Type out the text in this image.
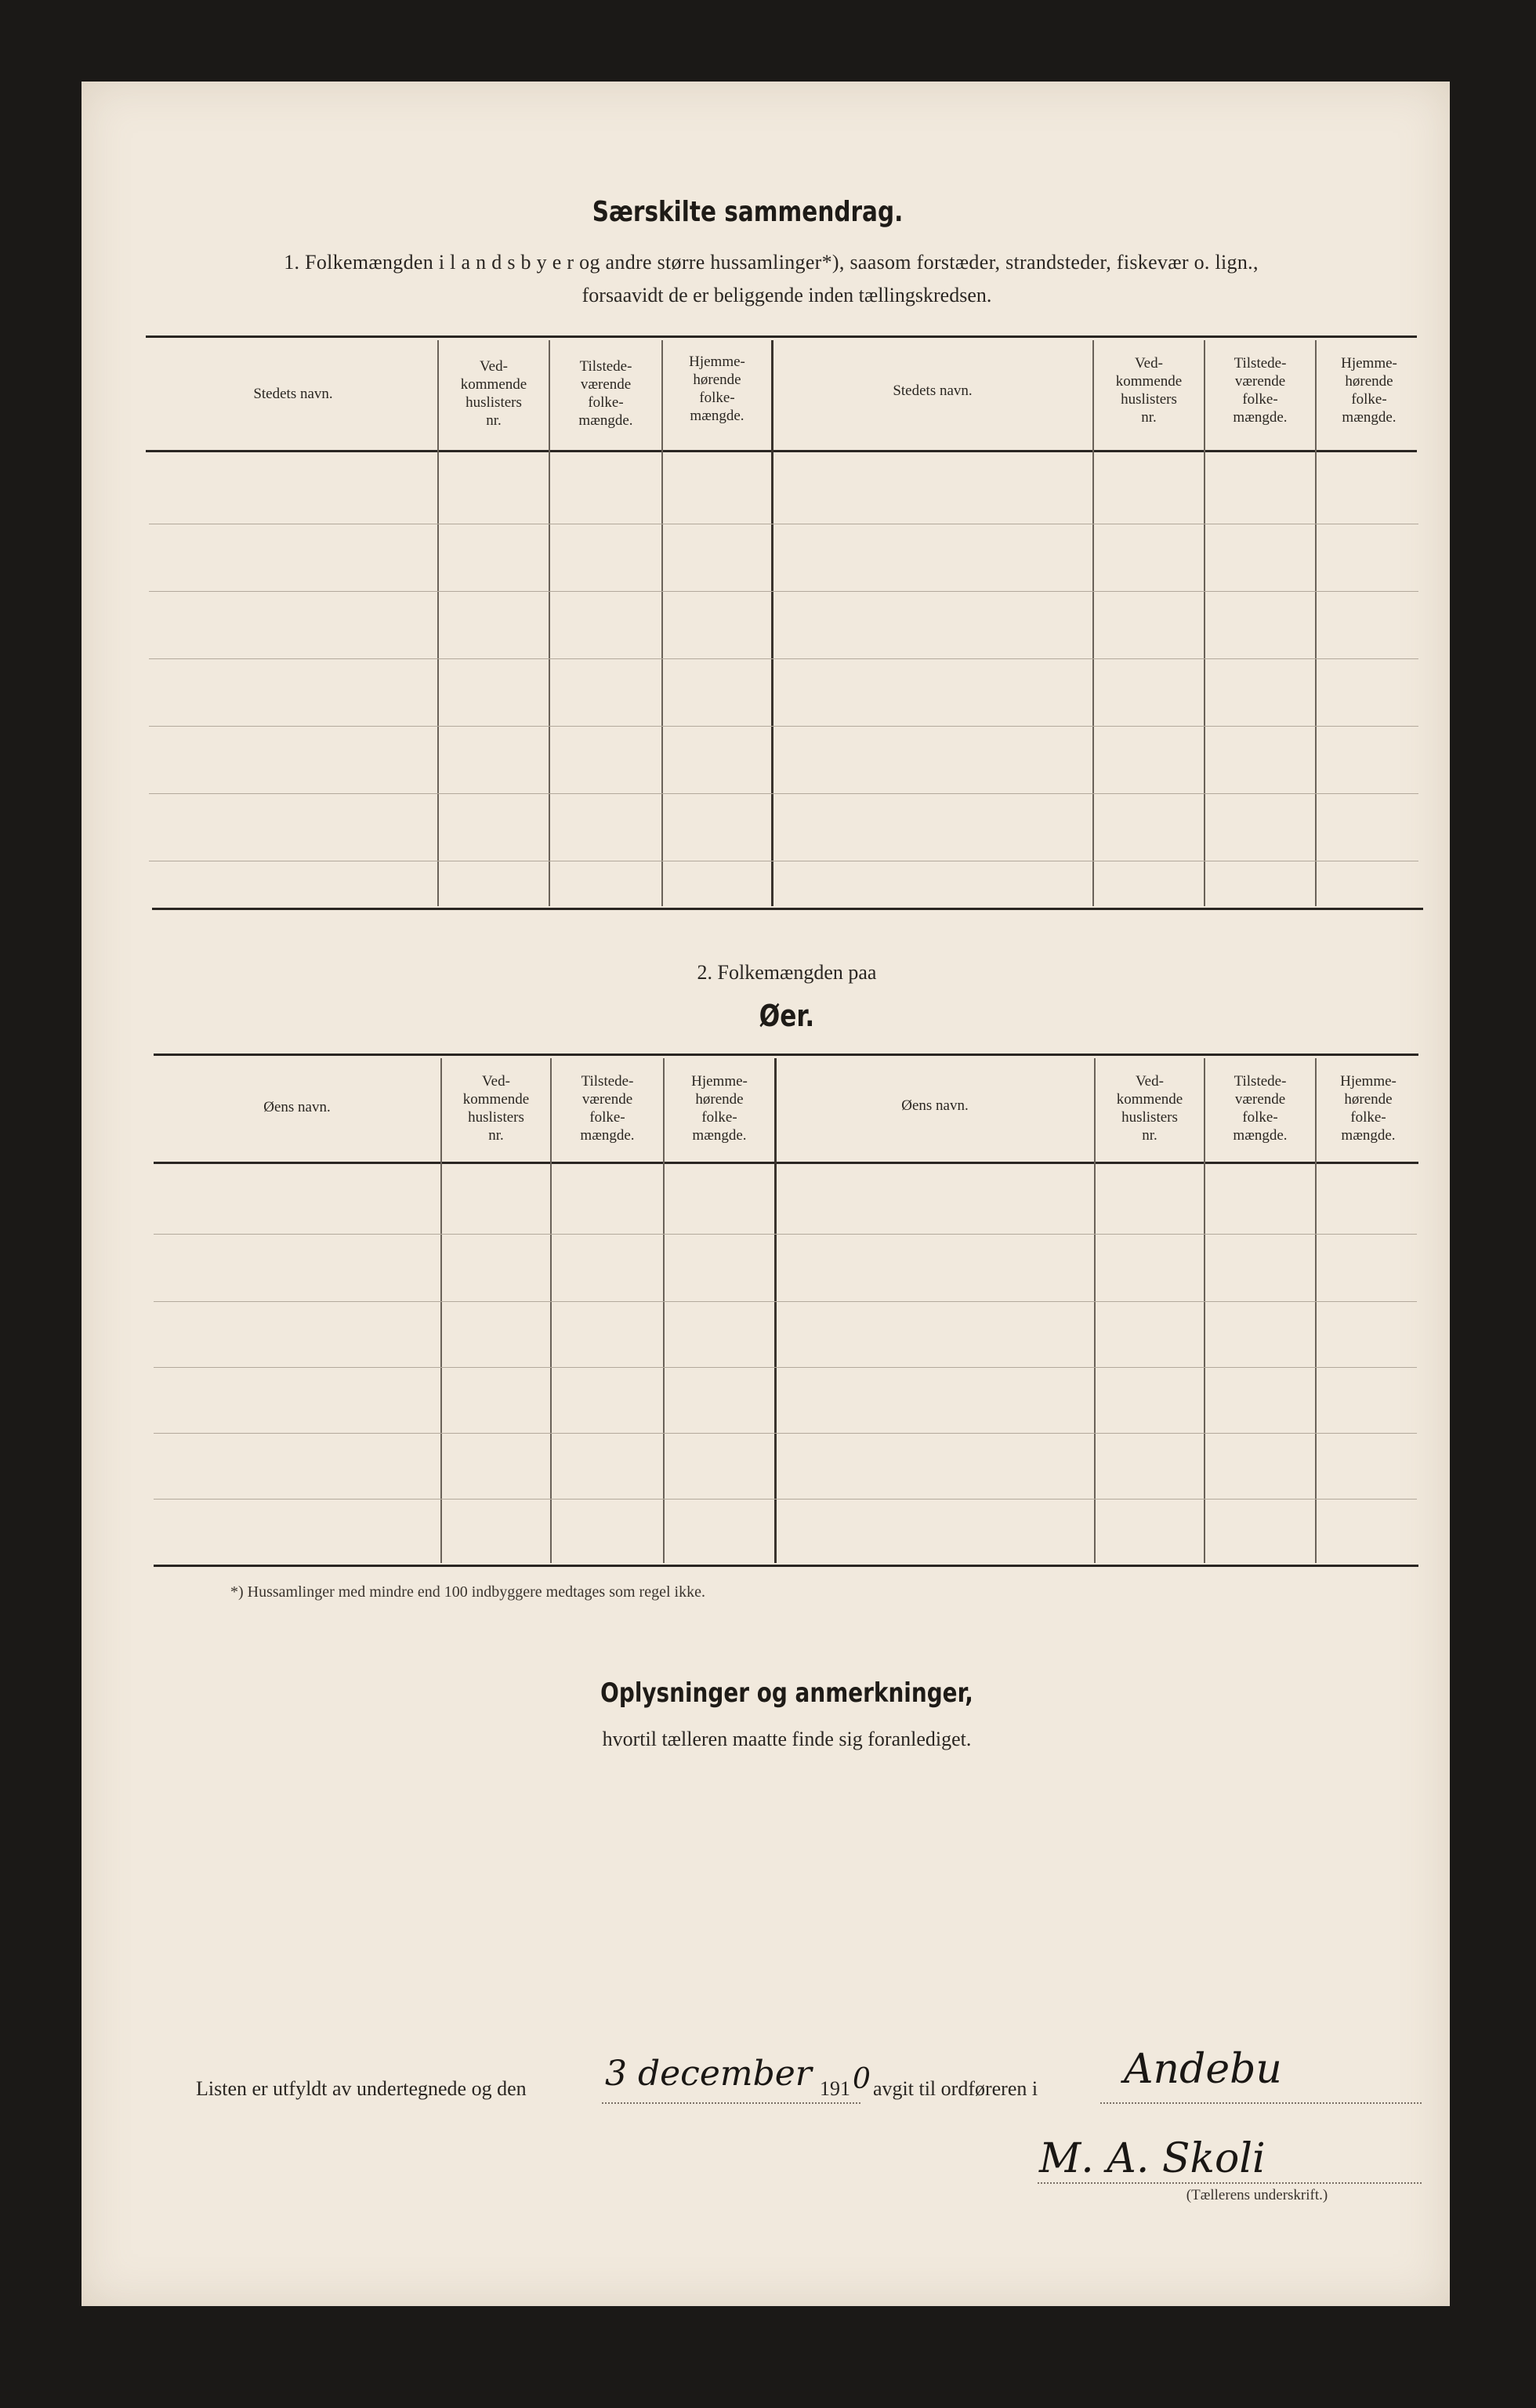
Særskilte sammendrag.
1. Folkemængden i l a n d s b y e r og andre større hussamlinger*), saasom forstæder, strandsteder, fiskevær o. lign.,
forsaavidt de er beliggende inden tællingskredsen.
Stedets navn.
Ved-
kommende
huslisters
nr.
Tilstede-
værende
folke-
mængde.
Hjemme-
hørende
folke-
mængde.
Stedets navn.
Ved-
kommende
huslisters
nr.
Tilstede-
værende
folke-
mængde.
Hjemme-
hørende
folke-
mængde.
2. Folkemængden paa
Øer.
Øens navn.
Ved-
kommende
huslisters
nr.
Tilstede-
værende
folke-
mængde.
Hjemme-
hørende
folke-
mængde.
Øens navn.
Ved-
kommende
huslisters
nr.
Tilstede-
værende
folke-
mængde.
Hjemme-
hørende
folke-
mængde.
*) Hussamlinger med mindre end 100 indbyggere medtages som regel ikke.
Oplysninger og anmerkninger,
hvortil tælleren maatte finde sig foranlediget.
Listen er utfyldt av undertegnede og den 3 december 191 0 avgit til ordføreren i Andebu
M. A. Skoli
(Tællerens underskrift.)
